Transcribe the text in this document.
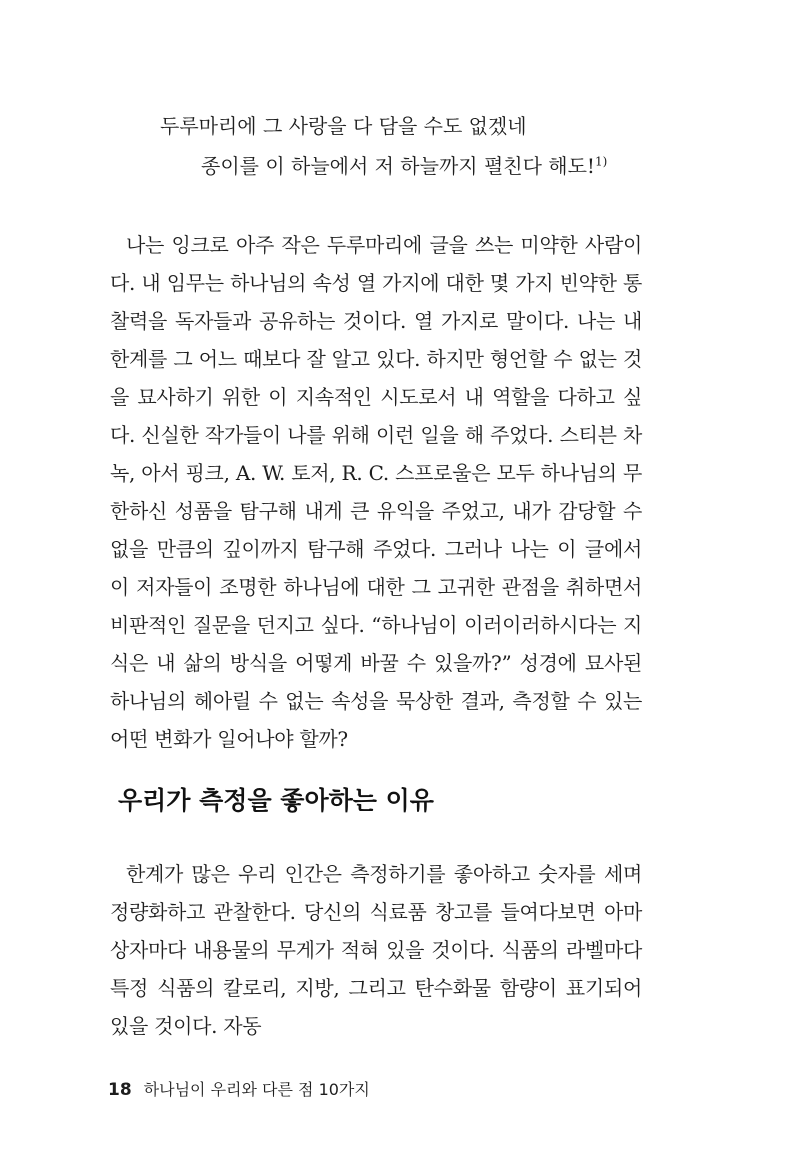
두루마리에 그 사랑을 다 담을 수도 없겠네
종이를 이 하늘에서 저 하늘까지 펼친다 해도!$^{1)}$
나는 잉크로 아주 작은 두루마리에 글을 쓰는 미약한 사람이다. 내 임무는 하나님의 속성 열 가지에 대한 몇 가지 빈약한 통찰력을 독자들과 공유하는 것이다. 열 가지로 말이다. 나는 내 한계를 그 어느 때보다 잘 알고 있다. 하지만 형언할 수 없는 것을 묘사하기 위한 이 지속적인 시도로서 내 역할을 다하고 싶다. 신실한 작가들이 나를 위해 이런 일을 해 주었다. 스티븐 차녹, 아서 핑크, A. W. 토저, R. C. 스프로울은 모두 하나님의 무한하신 성품을 탐구해 내게 큰 유익을 주었고, 내가 감당할 수 없을 만큼의 깊이까지 탐구해 주었다. 그러나 나는 이 글에서 이 저자들이 조명한 하나님에 대한 그 고귀한 관점을 취하면서 비판적인 질문을 던지고 싶다. “하나님이 이러이러하시다는 지식은 내 삶의 방식을 어떻게 바꿀 수 있을까?” 성경에 묘사된 하나님의 헤아릴 수 없는 속성을 묵상한 결과, 측정할 수 있는 어떤 변화가 일어나야 할까?
우리가 측정을 좋아하는 이유
한계가 많은 우리 인간은 측정하기를 좋아하고 숫자를 세며 정량화하고 관찰한다. 당신의 식료품 창고를 들여다보면 아마 상자마다 내용물의 무게가 적혀 있을 것이다. 식품의 라벨마다 특정 식품의 칼로리, 지방, 그리고 탄수화물 함량이 표기되어 있을 것이다. 자동
18 하나님이 우리와 다른 점 10가지
